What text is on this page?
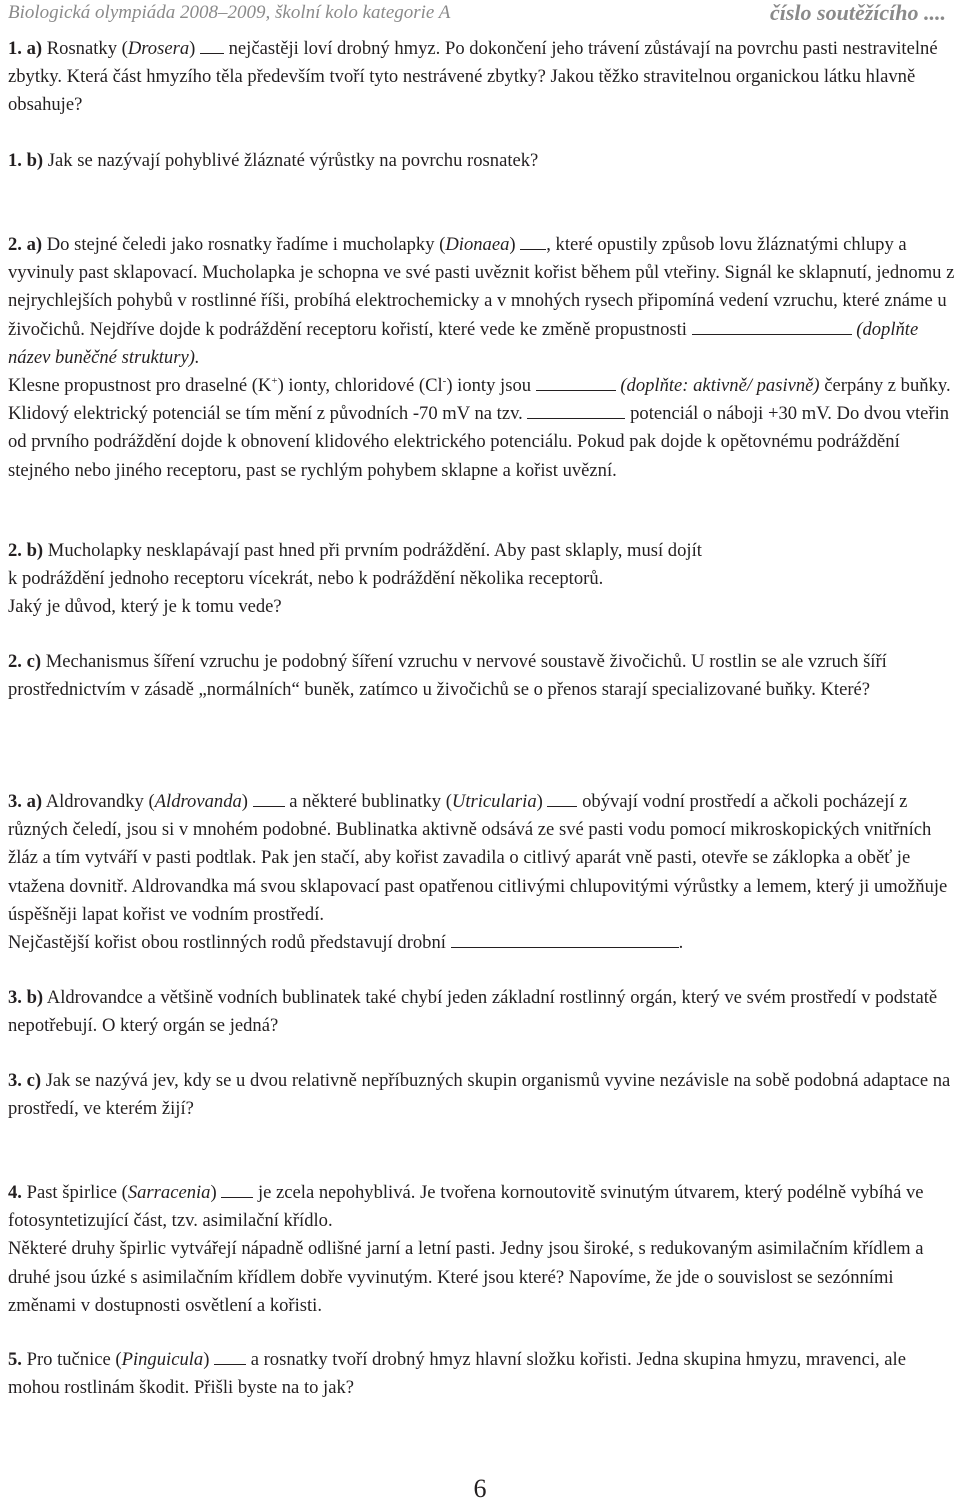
Biologická olympiáda 2008–2009, školní kolo kategorie A	číslo soutěžícího ....
1. a) Rosnatky (Drosera)  nejčastěji loví drobný hmyz. Po dokončení jeho trávení zůstávají na povrchu pasti nestravitelné zbytky. Která část hmyzího těla především tvoří tyto nestrávené zbytky? Jakou těžko stravitelnou organickou látku hlavně obsahuje?
1. b) Jak se nazývají pohyblivé žláznaté výrůstky na povrchu rosnatek?
2. a) Do stejné čeledi jako rosnatky řadíme i mucholapky (Dionaea) , které opustily způsob lovu žláznatými chlupy a vyvinuly past sklapovací. Mucholapka je schopna ve své pasti uvěznit kořist během půl vteřiny. Signál ke sklapnutí, jednomu z nejrychlejších pohybů v rostlinné říši, probíhá elektrochemicky a v mnohých rysech připomíná vedení vzruchu, které známe u živočichů. Nejdříve dojde k podráždění receptoru kořistí, které vede ke změně propustnosti	(doplňte název buněčné struktury).
Klesne propustnost pro draselné (K+) ionty, chloridové (Cl-) ionty jsou	(doplňte: aktivně/ pasivně) čerpány z buňky. Klidový elektrický potenciál se tím mění z původních -70 mV na tzv.	potenciál o náboji +30 mV. Do dvou vteřin od prvního podráždění dojde k obnovení klidového elektrického potenciálu. Pokud pak dojde k opětovnému podráždění stejného nebo jiného receptoru, past se rychlým pohybem sklapne a kořist uvězní.
2. b) Mucholapky nesklapávají past hned při prvním podráždění. Aby past sklaply, musí dojít
k podráždění jednoho receptoru vícekrát, nebo k podráždění několika receptorů.
Jaký je důvod, který je k tomu vede?
2. c) Mechanismus šíření vzruchu je podobný šíření vzruchu v nervové soustavě živočichů. U rostlin se ale vzruch šíří prostřednictvím v zásadě „normálních“ buněk, zatímco u živočichů se o přenos starají specializované buňky. Které?
3. a) Aldrovandky (Aldrovanda)  a některé bublinatky (Utricularia)  obývají vodní prostředí a ačkoli pocházejí z různých čeledí, jsou si v mnohém podobné. Bublinatka aktivně odsává ze své pasti vodu pomocí mikroskopických vnitřních žláz a tím vytváří v pasti podtlak. Pak jen stačí, aby kořist zavadila o citlivý aparát vně pasti, otevře se záklopka a oběť je vtažena dovnitř. Aldrovandka má svou sklapovací past opatřenou citlivými chlupovitými výrůstky a lemem, který ji umožňuje úspěšněji lapat kořist ve vodním prostředí.
Nejčastější kořist obou rostlinných rodů představují drobní	.
3. b) Aldrovandce a většině vodních bublinatek také chybí jeden základní rostlinný orgán, který ve svém prostředí v podstatě nepotřebují. O který orgán se jedná?
3. c) Jak se nazývá jev, kdy se u dvou relativně nepříbuzných skupin organismů vyvine nezávisle na sobě podobná adaptace na prostředí, ve kterém žijí?
4. Past špirlice (Sarracenia)  je zcela nepohyblivá. Je tvořena kornoutovitě svinutým útvarem, který podélně vybíhá ve fotosyntetizující část, tzv. asimilační křídlo.
Některé druhy špirlic vytvářejí nápadně odlišné jarní a letní pasti. Jedny jsou široké, s redukovaným asimilačním křídlem a druhé jsou úzké s asimilačním křídlem dobře vyvinutým. Které jsou které? Napovíme, že jde o souvislost se sezónními změnami v dostupnosti osvětlení a kořisti.
5. Pro tučnice (Pinguicula)  a rosnatky tvoří drobný hmyz hlavní složku kořisti. Jedna skupina hmyzu, mravenci, ale mohou rostlinám škodit. Přišli byste na to jak?
6
